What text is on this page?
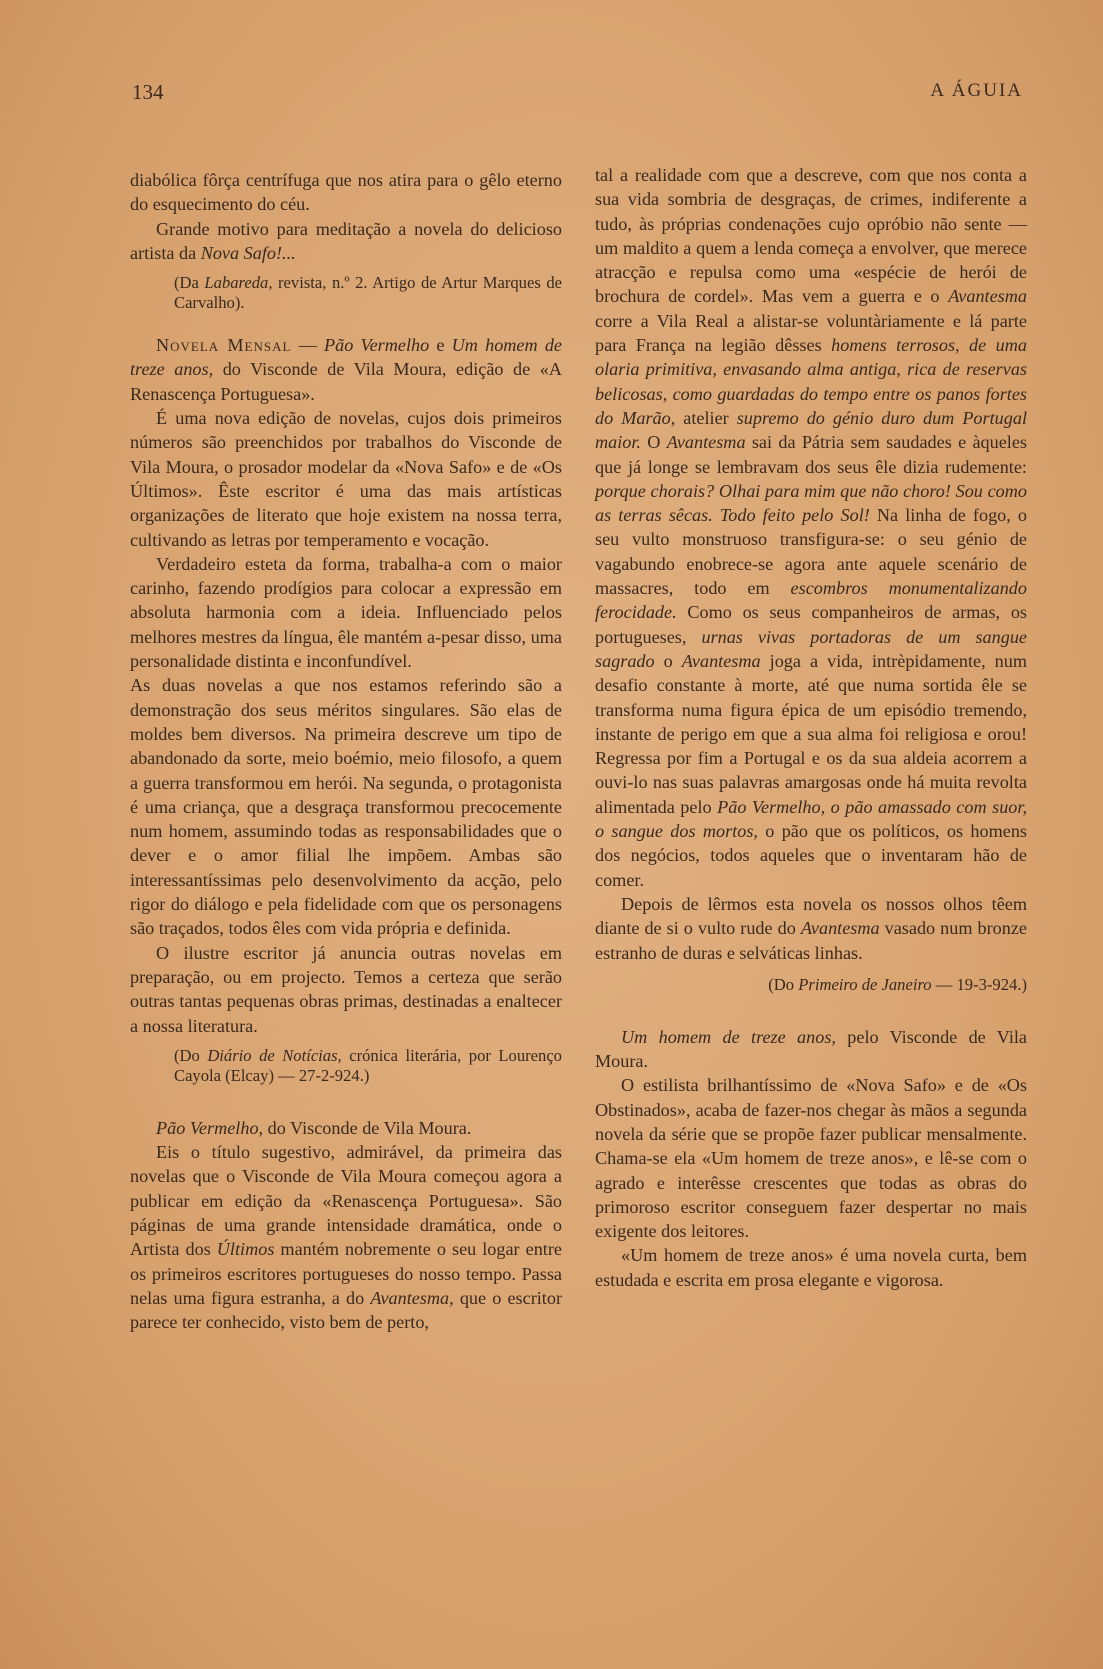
134	A ÁGUIA

diabólica fôrça centrífuga que nos atira para o gêlo eterno do esquecimento do céu.

Grande motivo para meditação a novela do delicioso artista da Nova Safo!...

(Da Labareda, revista, n.º 2. Artigo de Artur Marques de Carvalho).

Novela Mensal — Pão Vermelho e Um homem de treze anos, do Visconde de Vila Moura, edição de «A Renascença Portuguesa».

É uma nova edição de novelas, cujos dois primeiros números são preenchidos por trabalhos do Visconde de Vila Moura, o prosador modelar da «Nova Safo» e de «Os Últimos». Êste escritor é uma das mais artísticas organizações de literato que hoje existem na nossa terra, cultivando as letras por temperamento e vocação.

Verdadeiro esteta da forma, trabalha-a com o maior carinho, fazendo prodígios para colocar a expressão em absoluta harmonia com a ideia. Influenciado pelos melhores mestres da língua, êle mantém a-pesar disso, uma personalidade distinta e inconfundível.

As duas novelas a que nos estamos referindo são a demonstração dos seus méritos singulares. São elas de moldes bem diversos. Na primeira descreve um tipo de abandonado da sorte, meio boémio, meio filosofo, a quem a guerra transformou em herói. Na segunda, o protagonista é uma criança, que a desgraça transformou precocemente num homem, assumindo todas as responsabilidades que o dever e o amor filial lhe impõem. Ambas são interessantíssimas pelo desenvolvimento da acção, pelo rigor do diálogo e pela fidelidade com que os personagens são traçados, todos êles com vida própria e definida.

O ilustre escritor já anuncia outras novelas em preparação, ou em projecto. Temos a certeza que serão outras tantas pequenas obras primas, destinadas a enaltecer a nossa literatura.

(Do Diário de Notícias, crónica literária, por Lourenço Cayola (Elcay) — 27-2-924.)

Pão Vermelho, do Visconde de Vila Moura.

Eis o título sugestivo, admirável, da primeira das novelas que o Visconde de Vila Moura começou agora a publicar em edição da «Renascença Portuguesa». São páginas de uma grande intensidade dramática, onde o Artista dos Últimos mantém nobremente o seu logar entre os primeiros escritores portugueses do nosso tempo. Passa nelas uma figura estranha, a do Avantesma, que o escritor parece ter conhecido, visto bem de perto,

tal a realidade com que a descreve, com que nos conta a sua vida sombria de desgraças, de crimes, indiferente a tudo, às próprias condenações cujo opróbio não sente — um maldito a quem a lenda começa a envolver, que merece atracção e repulsa como uma «espécie de herói de brochura de cordel». Mas vem a guerra e o Avantesma corre a Vila Real a alistar-se voluntàriamente e lá parte para França na legião dêsses homens terrosos, de uma olaria primitiva, envasando alma antiga, rica de reservas belicosas, como guardadas do tempo entre os panos fortes do Marão, atelier supremo do génio duro dum Portugal maior. O Avantesma sai da Pátria sem saudades e àqueles que já longe se lembravam dos seus êle dizia rudemente: porque chorais? Olhai para mim que não choro! Sou como as terras sêcas. Todo feito pelo Sol! Na linha de fogo, o seu vulto monstruoso transfigura-se: o seu génio de vagabundo enobrece-se agora ante aquele scenário de massacres, todo em escombros monumentalizando ferocidade. Como os seus companheiros de armas, os portugueses, urnas vivas portadoras de um sangue sagrado o Avantesma joga a vida, intrèpidamente, num desafio constante à morte, até que numa sortida êle se transforma numa figura épica de um episódio tremendo, instante de perigo em que a sua alma foi religiosa e orou! Regressa por fim a Portugal e os da sua aldeia acorrem a ouvi-lo nas suas palavras amargosas onde há muita revolta alimentada pelo Pão Vermelho, o pão amassado com suor, o sangue dos mortos, o pão que os políticos, os homens dos negócios, todos aqueles que o inventaram hão de comer.

Depois de lêrmos esta novela os nossos olhos têem diante de si o vulto rude do Avantesma vasado num bronze estranho de duras e selváticas linhas.

(Do Primeiro de Janeiro — 19-3-924.)

Um homem de treze anos, pelo Visconde de Vila Moura.

O estilista brilhantíssimo de «Nova Safo» e de «Os Obstinados», acaba de fazer-nos chegar às mãos a segunda novela da série que se propõe fazer publicar mensalmente. Chama-se ela «Um homem de treze anos», e lê-se com o agrado e interêsse crescentes que todas as obras do primoroso escritor conseguem fazer despertar no mais exigente dos leitores.

«Um homem de treze anos» é uma novela curta, bem estudada e escrita em prosa elegante e vigorosa.
